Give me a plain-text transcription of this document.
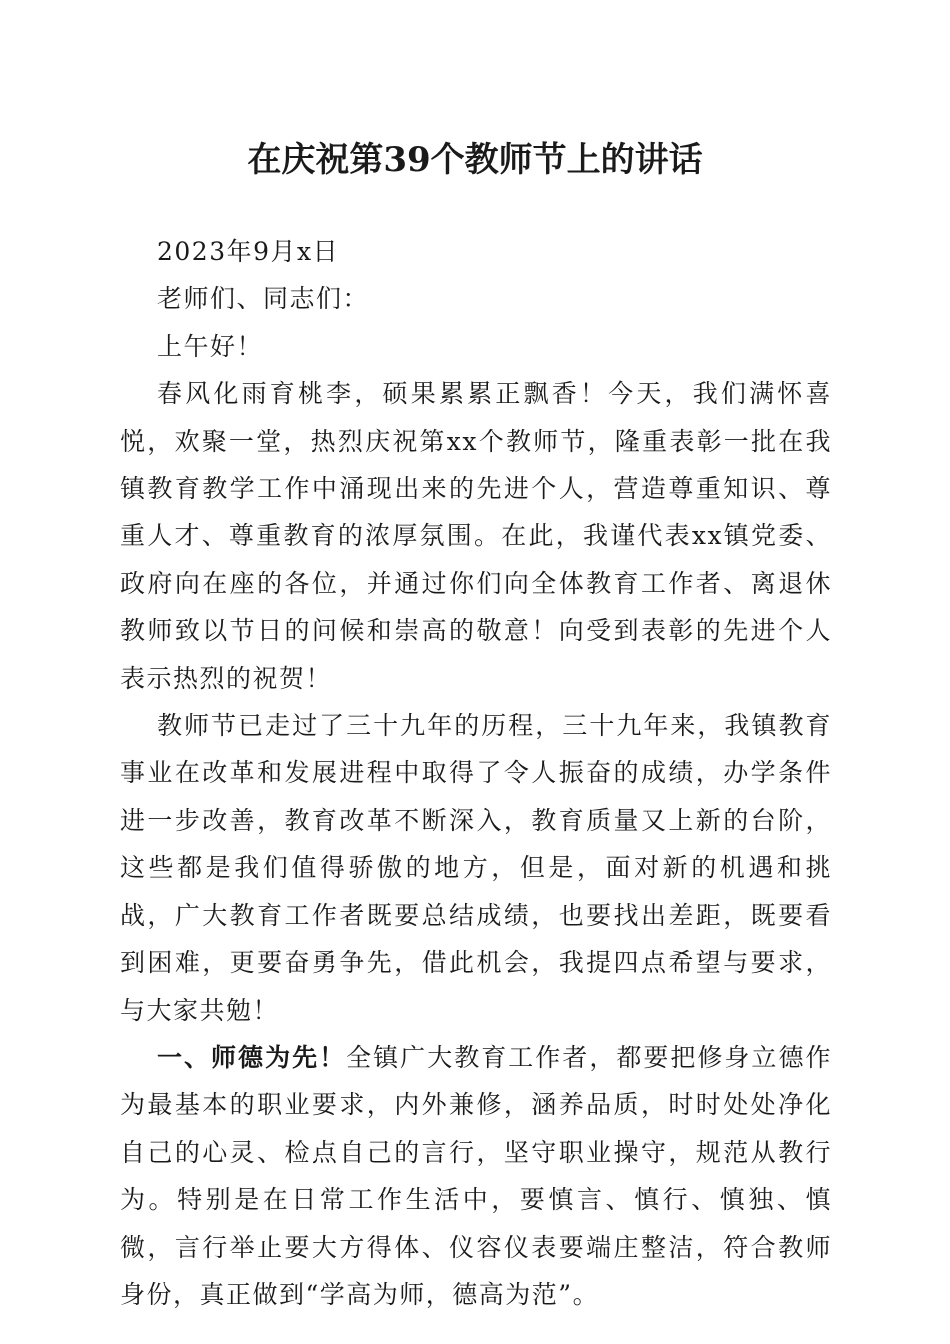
在庆祝第39个教师节上的讲话

2023年9月x日

老师们、同志们：

上午好！

春风化雨育桃李，硕果累累正飘香！今天，我们满怀喜悦，欢聚一堂，热烈庆祝第xx个教师节，隆重表彰一批在我镇教育教学工作中涌现出来的先进个人，营造尊重知识、尊重人才、尊重教育的浓厚氛围。在此，我谨代表xx镇党委、政府向在座的各位，并通过你们向全体教育工作者、离退休教师致以节日的问候和崇高的敬意！向受到表彰的先进个人表示热烈的祝贺！

教师节已走过了三十九年的历程，三十九年来，我镇教育事业在改革和发展进程中取得了令人振奋的成绩，办学条件进一步改善，教育改革不断深入，教育质量又上新的台阶，这些都是我们值得骄傲的地方，但是，面对新的机遇和挑战，广大教育工作者既要总结成绩，也要找出差距，既要看到困难，更要奋勇争先，借此机会，我提四点希望与要求，与大家共勉！

一、师德为先！全镇广大教育工作者，都要把修身立德作为最基本的职业要求，内外兼修，涵养品质，时时处处净化自己的心灵、检点自己的言行，坚守职业操守，规范从教行为。特别是在日常工作生活中，要慎言、慎行、慎独、慎微，言行举止要大方得体、仪容仪表要端庄整洁，符合教师身份，真正做到“学高为师，德高为范”。
